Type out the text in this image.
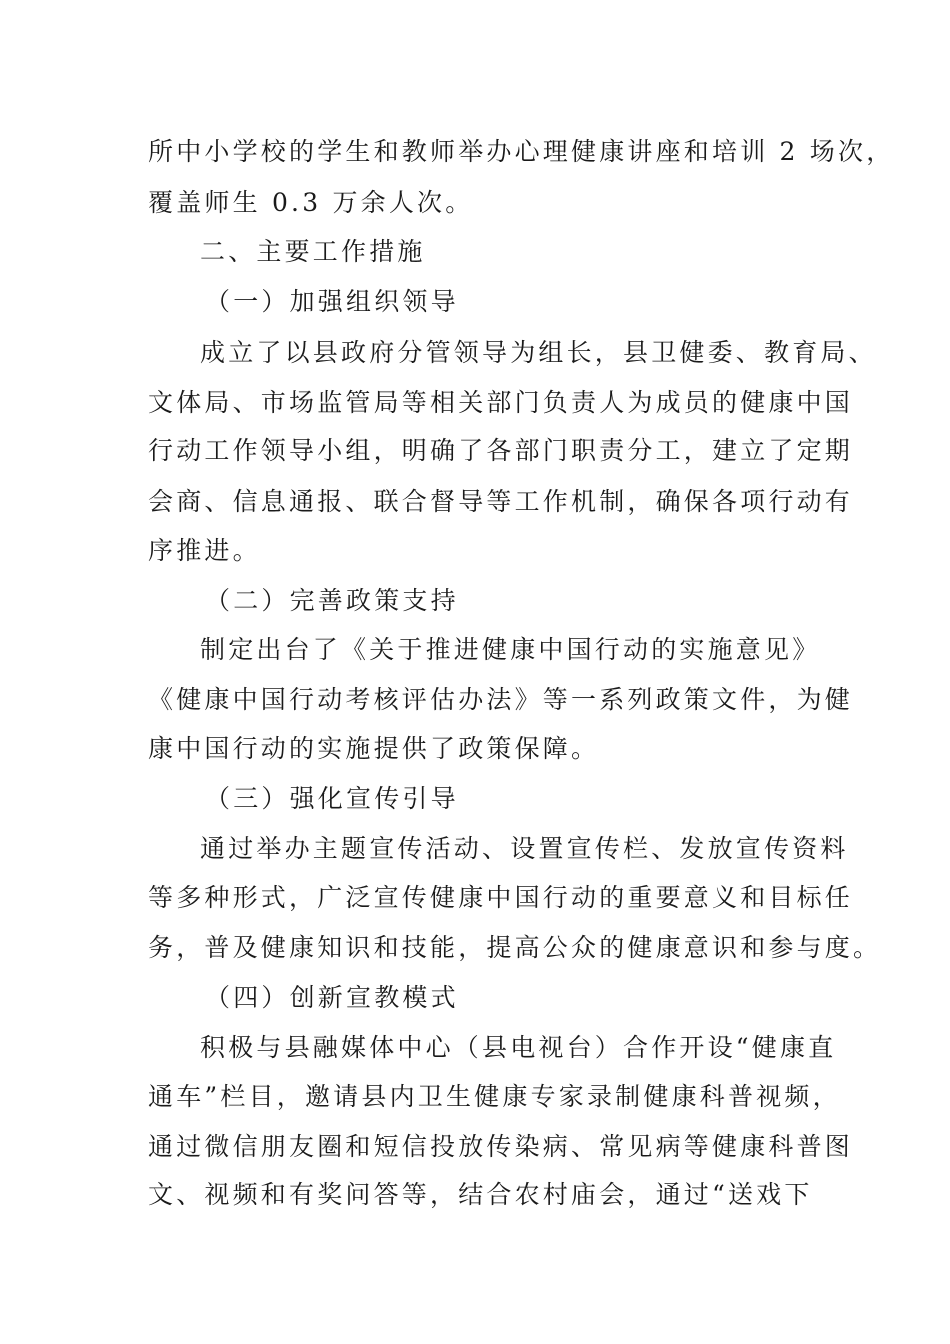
所中小学校的学生和教师举办心理健康讲座和培训 2 场次，
覆盖师生 0.3 万余人次。
二、主要工作措施
（一）加强组织领导
成立了以县政府分管领导为组长，县卫健委、教育局、
文体局、市场监管局等相关部门负责人为成员的健康中国
行动工作领导小组，明确了各部门职责分工，建立了定期
会商、信息通报、联合督导等工作机制，确保各项行动有
序推进。
（二）完善政策支持
制定出台了《关于推进健康中国行动的实施意见》
《健康中国行动考核评估办法》等一系列政策文件，为健
康中国行动的实施提供了政策保障。
（三）强化宣传引导
通过举办主题宣传活动、设置宣传栏、发放宣传资料
等多种形式，广泛宣传健康中国行动的重要意义和目标任
务，普及健康知识和技能，提高公众的健康意识和参与度。
（四）创新宣教模式
积极与县融媒体中心（县电视台）合作开设“健康直
通车”栏目，邀请县内卫生健康专家录制健康科普视频，
通过微信朋友圈和短信投放传染病、常见病等健康科普图
文、视频和有奖问答等，结合农村庙会，通过“送戏下
